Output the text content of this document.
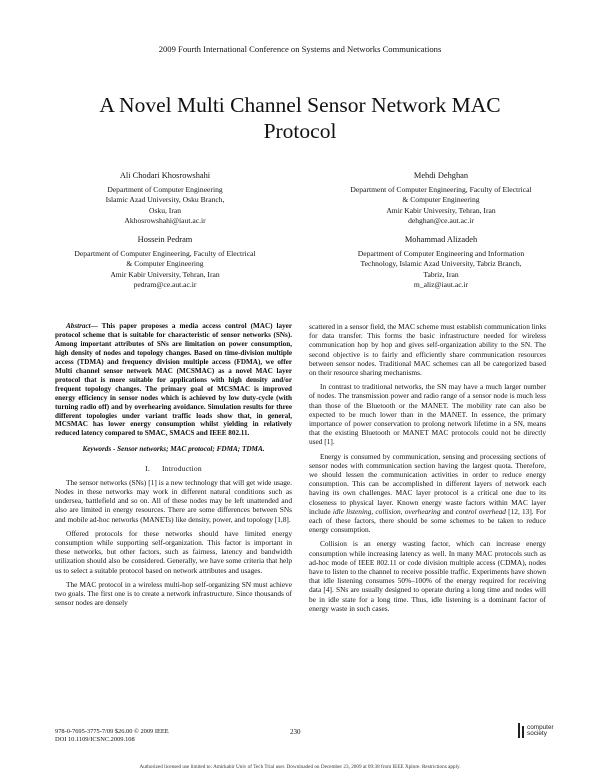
2009 Fourth International Conference on Systems and Networks Communications
A Novel Multi Channel Sensor Network MAC
Protocol
Ali Chodari Khosrowshahi
Department of Computer Engineering
Islamic Azad University, Osku Branch,
Osku, Iran
Akhosrowshahi@iaut.ac.ir
Mehdi Dehghan
Department of Computer Engineering, Faculty of Electrical
& Computer Engineering
Amir Kabir University, Tehran, Iran
dehghan@ce.aut.ac.ir
Hossein Pedram
Department of Computer Engineering, Faculty of Electrical
& Computer Engineering
Amir Kabir University, Tehran, Iran
pedram@ce.aut.ac.ir
Mohammad Alizadeh
Department of Computer Engineering and Information
Technology, Islamic Azad University, Tabriz Branch,
Tabriz, Iran
m_aliz@iaut.ac.ir
Abstract— This paper proposes a media access control (MAC) layer protocol scheme that is suitable for characteristic of sensor networks (SNs). Among important attributes of SNs are limitation on power consumption, high density of nodes and topology changes. Based on time-division multiple access (TDMA) and frequency division multiple access (FDMA), we offer Multi channel sensor network MAC (MCSMAC) as a novel MAC layer protocol that is more suitable for applications with high density and/or frequent topology changes. The primary goal of MCSMAC is improved energy efficiency in sensor nodes which is achieved by low duty-cycle (with turning radio off) and by overhearing avoidance. Simulation results for three different topologies under variant traffic loads show that, in general, MCSMAC has lower energy consumption whilst yielding in relatively reduced latency compared to SMAC, SMACS and IEEE 802.11.
Keywords - Sensor networks; MAC protocol; FDMA; TDMA.
I. Introduction

The sensor networks (SNs) [1] is a new technology that will get wide usage. Nodes in these networks may work in different natural conditions such as undersea, battlefield and so on. All of these nodes may be left unattended and also are limited in energy resources. There are some differences between SNs and mobile ad-hoc networks (MANETs) like density, power, and topology [1,8].

Offered protocols for these networks should have limited energy consumption while supporting self-organization. This factor is important in these networks, but other factors, such as fairness, latency and bandwidth utilization should also be considered. Generally, we have some criteria that help us to select a suitable protocol based on network attributes and usages.

The MAC protocol in a wireless multi-hop self-organizing SN must achieve two goals. The first one is to create a network infrastructure. Since thousands of sensor nodes are densely

scattered in a sensor field, the MAC scheme must establish communication links for data transfer. This forms the basic infrastructure needed for wireless communication hop by hop and gives self-organization ability to the SN. The second objective is to fairly and efficiently share communication resources between sensor nodes. Traditional MAC schemes can all be categorized based on their resource sharing mechanisms.

In contrast to traditional networks, the SN may have a much larger number of nodes. The transmission power and radio range of a sensor node is much less than those of the Bluetooth or the MANET. The mobility rate can also be expected to be much lower than in the MANET. In essence, the primary importance of power conservation to prolong network lifetime in a SN, means that the existing Bluetooth or MANET MAC protocols could not be directly used [1].

Energy is consumed by communication, sensing and processing sections of sensor nodes with communication section having the largest quota. Therefore, we should lessen the communication activities in order to reduce energy consumption. This can be accomplished in different layers of network each having its own challenges. MAC layer protocol is a critical one due to its closeness to physical layer. Known energy waste factors within MAC layer include idle listening, collision, overhearing and control overhead [12, 13]. For each of these factors, there should be some schemes to be taken to reduce energy consumption.

Collision is an energy wasting factor, which can increase energy consumption while increasing latency as well. In many MAC protocols such as ad-hoc mode of IEEE 802.11 or code division multiple access (CDMA), nodes have to listen to the channel to receive possible traffic. Experiments have shown that idle listening consumes 50%–100% of the energy required for receiving data [4]. SNs are usually designed to operate during a long time and nodes will be in idle state for a long time. Thus, idle listening is a dominant factor of energy waste in such cases.

978-0-7695-3775-7/09 $26.00 © 2009 IEEE
DOI 10.1109/ICSNC.2009.108
230
computer
society
Authorized licensed use limited to: Amirkabir Univ of Tech Trial user. Downloaded on December 23, 2009 at 09:38 from IEEE Xplore. Restrictions apply.
